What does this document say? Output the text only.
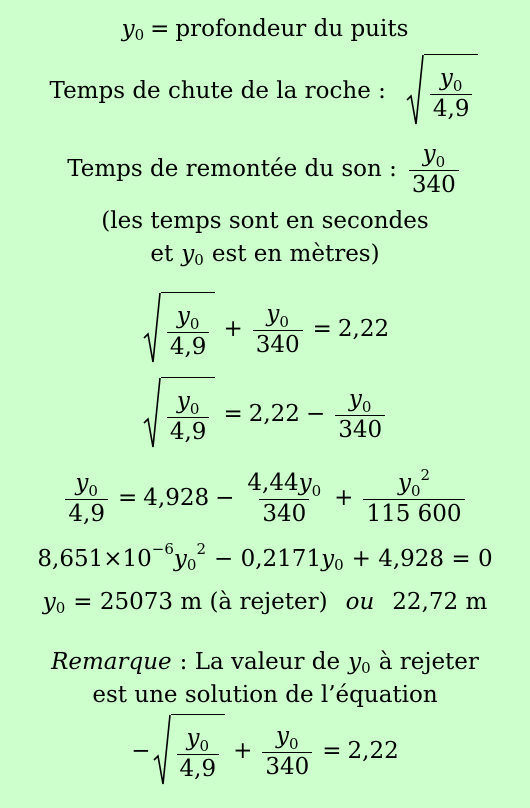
y 0 = profondeur du puits
Temps de chute de la roche : $\frac{y_0}{4,9}$
Temps de remontée du son : $\frac{y_0}{340}$
(les temps sont en secondes
et y 0 est en mètres)
$\frac{y_0}{4,9} + \frac{y_0}{340} = 2,22$
$\frac{y_0}{4,9} = 2,22 - \frac{y_0}{340}$
$\frac{y_0}{4,9} = 4,928 - \frac{4,44y_0}{340} + \frac{y_0^2}{115 600}$
8,651×10 −6 y 0
2 − 0,2171 y 0 + 4,928 = 0
y 0 = 25073 m (à rejeter) ou 22,72 m
Remarque : La valeur de y 0 à rejeter
est une solution de l’équation
− $\frac{y_0}{4,9} + \frac{y_0}{340} = 2,22$
